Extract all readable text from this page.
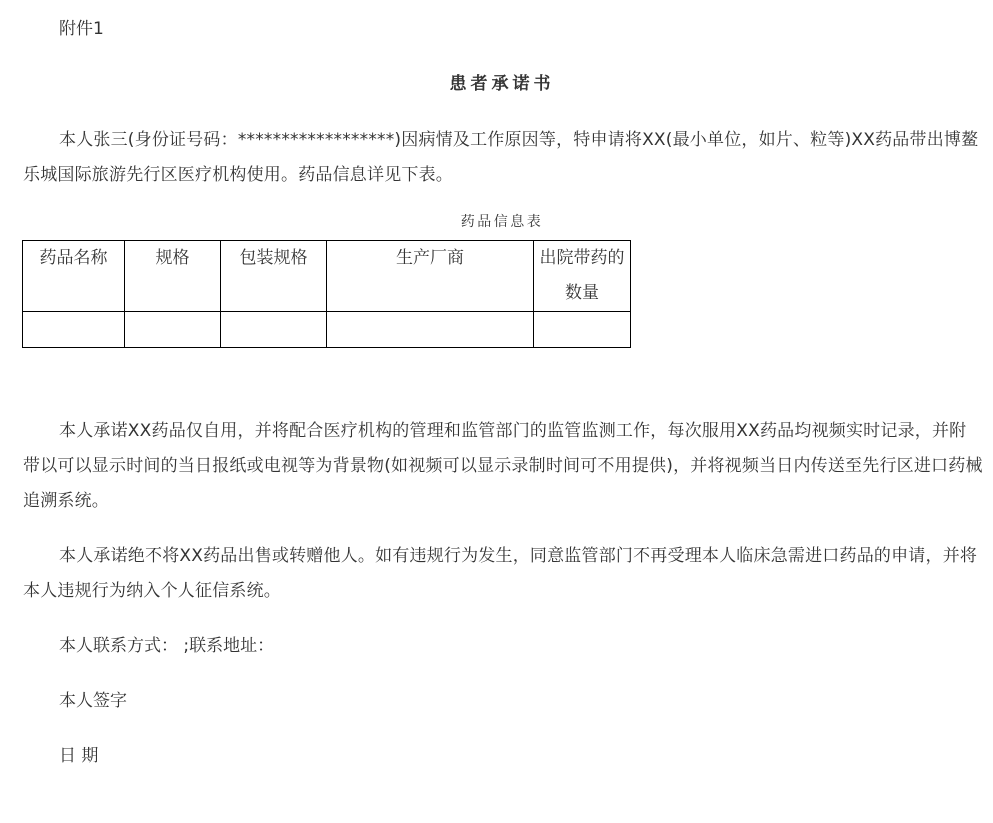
附件1
患者承诺书

本人张三(身份证号码：******************)因病情及工作原因等，特申请将XX(最小单位，如片、粒等)XX药品带出博鳌乐城国际旅游先行区医疗机构使用。药品信息详见下表。

药品信息表
药品名称	规格	包装规格	生产厂商	出院带药的数量

本人承诺XX药品仅自用，并将配合医疗机构的管理和监管部门的监管监测工作，每次服用XX药品均视频实时记录，并附带以可以显示时间的当日报纸或电视等为背景物(如视频可以显示录制时间可不用提供)，并将视频当日内传送至先行区进口药械追溯系统。

本人承诺绝不将XX药品出售或转赠他人。如有违规行为发生，同意监管部门不再受理本人临床急需进口药品的申请，并将本人违规行为纳入个人征信系统。

本人联系方式： ;联系地址：
本人签字
日 期
